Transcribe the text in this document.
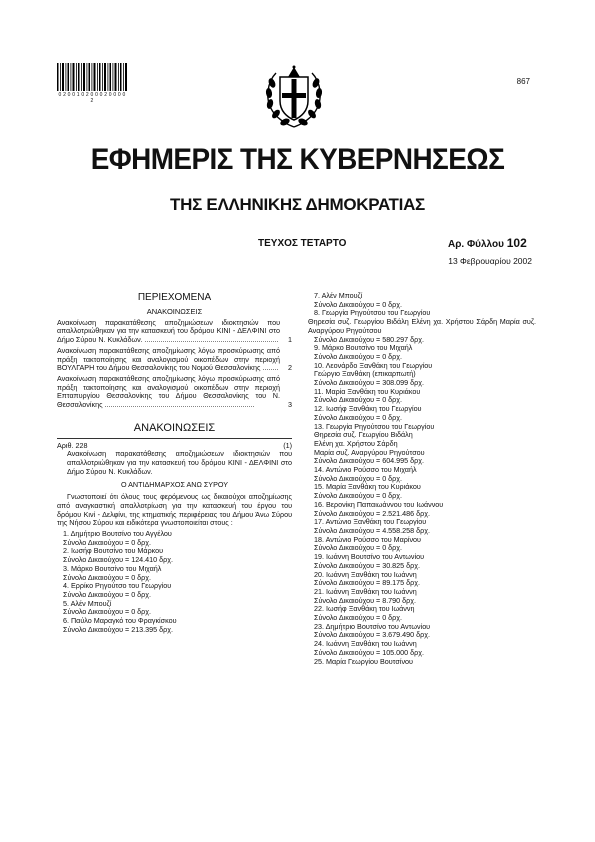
0 2 0 0 1 0 2 0 0 0 2 0 0 0 0 2
867
ΕΦΗΜΕΡΙΣ ΤΗΣ ΚΥΒΕΡΝΗΣΕΩΣ
ΤΗΣ ΕΛΛΗΝΙΚΗΣ ΔΗΜΟΚΡΑΤΙΑΣ
ΤΕΥΧΟΣ ΤΕΤΑΡΤΟ	Αρ. Φύλλου 102
13 Φεβρουαρίου 2002
ΠΕΡΙΕΧΟΜΕΝΑ
ΑΝΑΚΟΙΝΩΣΕΙΣ
Ανακοίνωση παρακατάθεσης αποζημιώσεων ιδιοκτησιών που απαλλοτριώθηκαν για την κατασκευή του δρόμου ΚΙΝΙ - ΔΕΛΦΙΝΙ στο Δήμο Σύρου Ν. Κυκλάδων. ...................................................................	1
Ανακοίνωση παρακατάθεσης αποζημίωσης λόγω προσκύρωσης από πράξη τακτοποίησης και αναλογισμού οικοπέδων στην περιοχή ΒΟΥΛΓΑΡΗ του Δήμου Θεσσαλονίκης του Νομού Θεσσαλονίκης ........	2
Ανακοίνωση παρακατάθεσης αποζημίωσης λόγω προσκύρωσης από πράξη τακτοποίησης και αναλογισμού οικοπέδων στην περιοχή Επταπυργίου Θεσσαλονίκης του Δήμου Θεσσαλονίκης του Ν. Θεσσαλονίκης ...........................................................................	3
ΑΝΑΚΟΙΝΩΣΕΙΣ
Αριθ. 228	(1)
Ανακοίνωση παρακατάθεσης αποζημιώσεων ιδιοκτησιών που απαλλοτριώθηκαν για την κατασκευή του δρόμου ΚΙΝΙ - ΔΕΛΦΙΝΙ στο Δήμο Σύρου Ν. Κυκλάδων.
Ο ΑΝΤΙΔΗΜΑΡΧΟΣ ΑΝΩ ΣΥΡΟΥ
Γνωστοποιεί ότι όλους τους φερόμενους ως δικαιούχοι αποζημίωσης από αναγκαστική απαλλοτρίωση για την κατασκευή του έργου του δρόμου Κινί - Δελφίνι, της κτηματικής περιφέρειας του Δήμου Άνω Σύρου της Νήσου Σύρου και ειδικότερα γνωστοποιείται στους :
1. Δημήτριο Βουτσίνο του Αγγέλου
Σύνολο Δικαιούχου = 0 δρχ.
2. Ιωσήφ Βουτσίνο του Μάρκου
Σύνολο Δικαιούχου = 124.410 δρχ.
3. Μάρκο Βουτσίνο του Μιχαήλ
Σύνολο Δικαιούχου = 0 δρχ.
4. Ερρίκο Ρηγούτσο του Γεωργίου
Σύνολο Δικαιούχου = 0 δρχ.
5. Αλέν Μπουζί
Σύνολο Δικαιούχου = 0 δρχ.
6. Παύλο Μαραγκό του Φραγκίσκου
Σύνολο Δικαιούχου = 213.395 δρχ.
7. Αλέν Μπουζί
Σύνολο Δικαιούχου = 0 δρχ.
8. Γεωργία Ρηγούτσου του Γεωργίου
Θηρεσία συζ. Γεωργίου Βιδάλη Ελένη χα. Χρήστου Σάρδη Μαρία συζ. Αναργύρου Ρηγούτσου
Σύνολο Δικαιούχου = 580.297 δρχ.
9. Μάρκο Βουτσίνο του Μιχαήλ
Σύνολο Δικαιούχου = 0 δρχ.
10. Λεονάρδο Ξανθάκη του Γεωργίου
Γεώργιο Ξανθάκη (επικαρπωτή)
Σύνολο Δικαιούχου = 308.099 δρχ.
11. Μαρία Ξανθάκη του Κυριάκου
Σύνολο Δικαιούχου = 0 δρχ.
12. Ιωσήφ Ξανθάκη του Γεωργίου
Σύνολο Δικαιούχου = 0 δρχ.
13. Γεωργία Ρηγούτσου του Γεωργίου
Θηρεσία συζ. Γεωργίου Βιδάλη
Ελένη χα. Χρήστου Σάρδη
Μαρία συζ. Αναργύρου Ρηγούτσου
Σύνολο Δικαιούχου = 604.995 δρχ.
14. Αντώνιο Ρούσσο του Μιχαήλ
Σύνολο Δικαιούχου = 0 δρχ.
15. Μαρία Ξανθάκη του Κυριάκου
Σύνολο Δικαιούχου = 0 δρχ.
16. Βερονίκη Παπαιωάννου του Ιωάννου
Σύνολο Δικαιούχου = 2.521.486 δρχ.
17. Αντώνιο Ξανθάκη του Γεωργίου
Σύνολο Δικαιούχου = 4.558.258 δρχ.
18. Αντώνιο Ρούσσο του Μαρίνου
Σύνολο Δικαιούχου = 0 δρχ.
19. Ιωάννη Βουτσίνο του Αντωνίου
Σύνολο Δικαιούχου = 30.825 δρχ.
20. Ιωάννη Ξανθάκη του Ιωάννη
Σύνολο Δικαιούχου = 89.175 δρχ.
21. Ιωάννη Ξανθάκη του Ιωάννη
Σύνολο Δικαιούχου = 8.790 δρχ.
22. Ιωσήφ Ξανθάκη του Ιωάννη
Σύνολο Δικαιούχου = 0 δρχ.
23. Δημήτριο Βουτσίνο του Αντωνίου
Σύνολο Δικαιούχου = 3.679.490 δρχ.
24. Ιωάννη Ξανθάκη του Ιωάννη
Σύνολο Δικαιούχου = 105.000 δρχ.
25. Μαρία Γεωργίου Βουτσίνου
